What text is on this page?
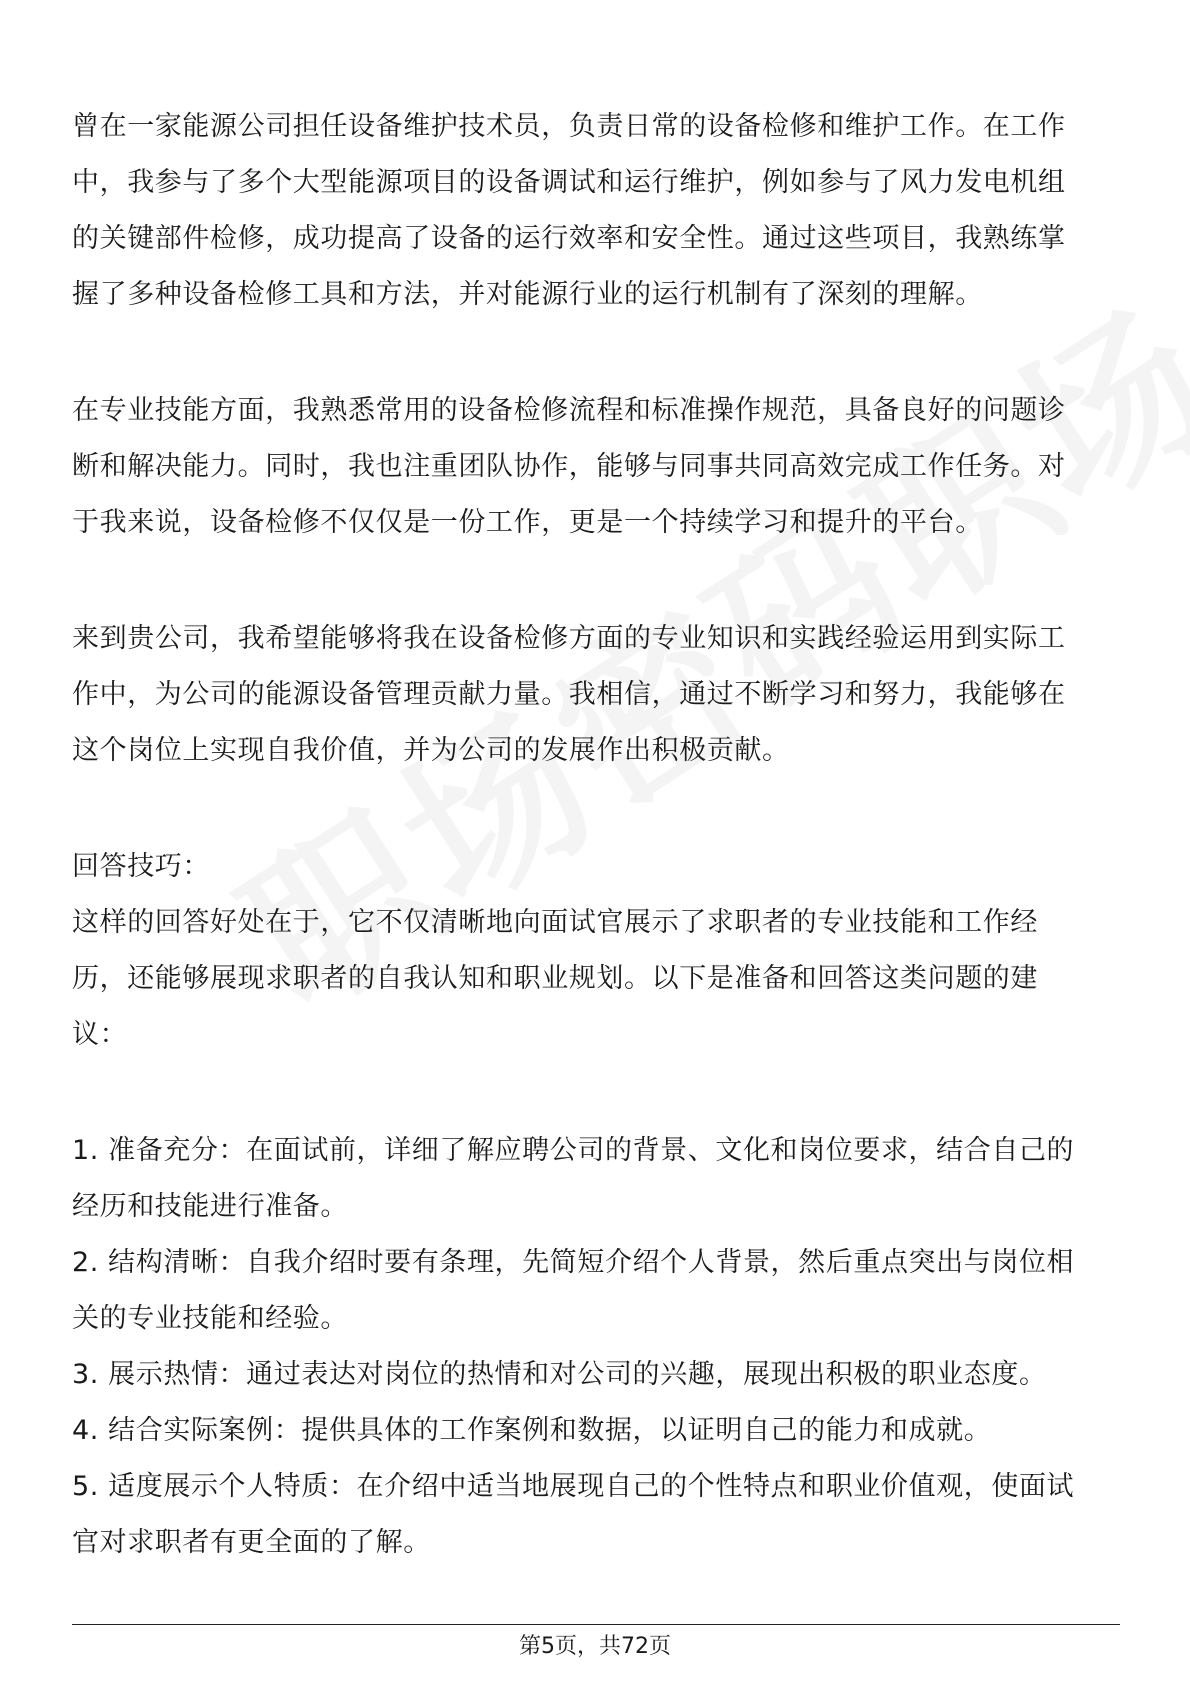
曾在一家能源公司担任设备维护技术员，负责日常的设备检修和维护工作。在工作
中，我参与了多个大型能源项目的设备调试和运行维护，例如参与了风力发电机组
的关键部件检修，成功提高了设备的运行效率和安全性。通过这些项目，我熟练掌
握了多种设备检修工具和方法，并对能源行业的运行机制有了深刻的理解。
在专业技能方面，我熟悉常用的设备检修流程和标准操作规范，具备良好的问题诊
断和解决能力。同时，我也注重团队协作，能够与同事共同高效完成工作任务。对
于我来说，设备检修不仅仅是一份工作，更是一个持续学习和提升的平台。
来到贵公司，我希望能够将我在设备检修方面的专业知识和实践经验运用到实际工
作中，为公司的能源设备管理贡献力量。我相信，通过不断学习和努力，我能够在
这个岗位上实现自我价值，并为公司的发展作出积极贡献。
回答技巧：
这样的回答好处在于，它不仅清晰地向面试官展示了求职者的专业技能和工作经
历，还能够展现求职者的自我认知和职业规划。以下是准备和回答这类问题的建
议：
1. 准备充分：在面试前，详细了解应聘公司的背景、文化和岗位要求，结合自己的
经历和技能进行准备。
2. 结构清晰：自我介绍时要有条理，先简短介绍个人背景，然后重点突出与岗位相
关的专业技能和经验。
3. 展示热情：通过表达对岗位的热情和对公司的兴趣，展现出积极的职业态度。
4. 结合实际案例：提供具体的工作案例和数据，以证明自己的能力和成就。
5. 适度展示个人特质：在介绍中适当地展现自己的个性特点和职业价值观，使面试
官对求职者有更全面的了解。
第5页，共72页
